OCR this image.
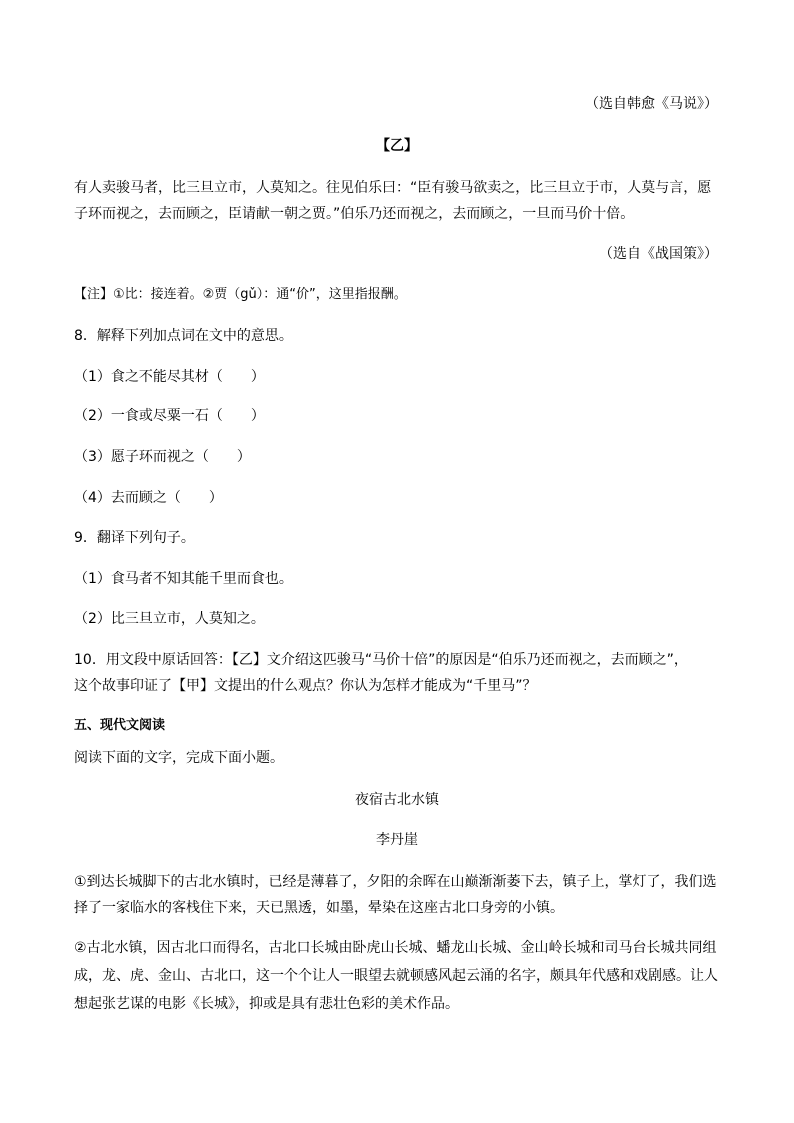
（选自韩愈《马说》）
【乙】
有人卖骏马者，比三旦立市，人莫知之。往见伯乐曰：“臣有骏马欲卖之，比三旦立于市，人莫与言，愿
子环而视之，去而顾之，臣请献一朝之贾。”伯乐乃还而视之，去而顾之，一旦而马价十倍。
（选自《战国策》）
【注】①比：接连着。②贾（gǔ）：通“价”，这里指报酬。
8．解释下列加点词在文中的意思。
（1）食之不能尽其材（　　）
（2）一食或尽粟一石（　　）
（3）愿子环而视之（　　）
（4）去而顾之（　　）
9．翻译下列句子。
（1）食马者不知其能千里而食也。
（2）比三旦立市，人莫知之。
10．用文段中原话回答：【乙】文介绍这匹骏马“马价十倍”的原因是“伯乐乃还而视之，去而顾之”，
这个故事印证了【甲】文提出的什么观点？你认为怎样才能成为“千里马”？
五、现代文阅读
阅读下面的文字，完成下面小题。
夜宿古北水镇
李丹崖
①到达长城脚下的古北水镇时，已经是薄暮了，夕阳的余晖在山巅渐渐萎下去，镇子上，掌灯了，我们选
择了一家临水的客栈住下来，天已黑透，如墨，晕染在这座古北口身旁的小镇。
②古北水镇，因古北口而得名，古北口长城由卧虎山长城、蟠龙山长城、金山岭长城和司马台长城共同组
成，龙、虎、金山、古北口，这一个个让人一眼望去就顿感风起云涌的名字，颇具年代感和戏剧感。让人
想起张艺谋的电影《长城》，抑或是具有悲壮色彩的美术作品。
